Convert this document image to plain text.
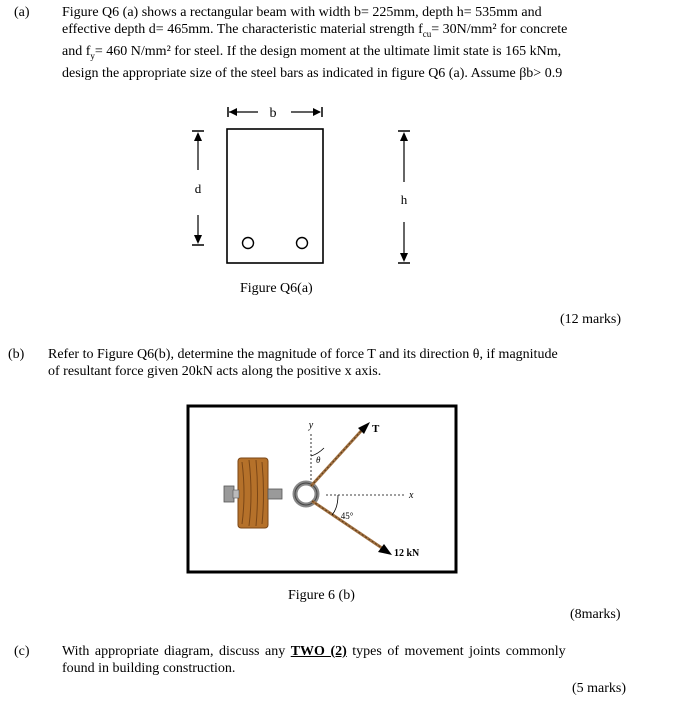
(a) Figure Q6 (a) shows a rectangular beam with width b= 225mm, depth h= 535mm and
effective depth d= 465mm. The characteristic material strength $f_{cu}= 30N/mm^2$ for concrete
and $f_y= 460$ N/mm² for steel. If the design moment at the ultimate limit state is 165 kNm,
design the appropriate size of the steel bars as indicated in figure Q6 (a). Assume βb> 0.9
b
d
h
Figure Q6(a)
(12 marks)
(b) Refer to Figure Q6(b), determine the magnitude of force T and its direction θ, if magnitude
of resultant force given 20kN acts along the positive x axis.
y
x
θ
T
12 kN
45°
Figure 6 (b)
(8marks)
(c) With appropriate diagram, discuss any TWO (2) types of movement joints commonly
found in building construction.
(5 marks)
